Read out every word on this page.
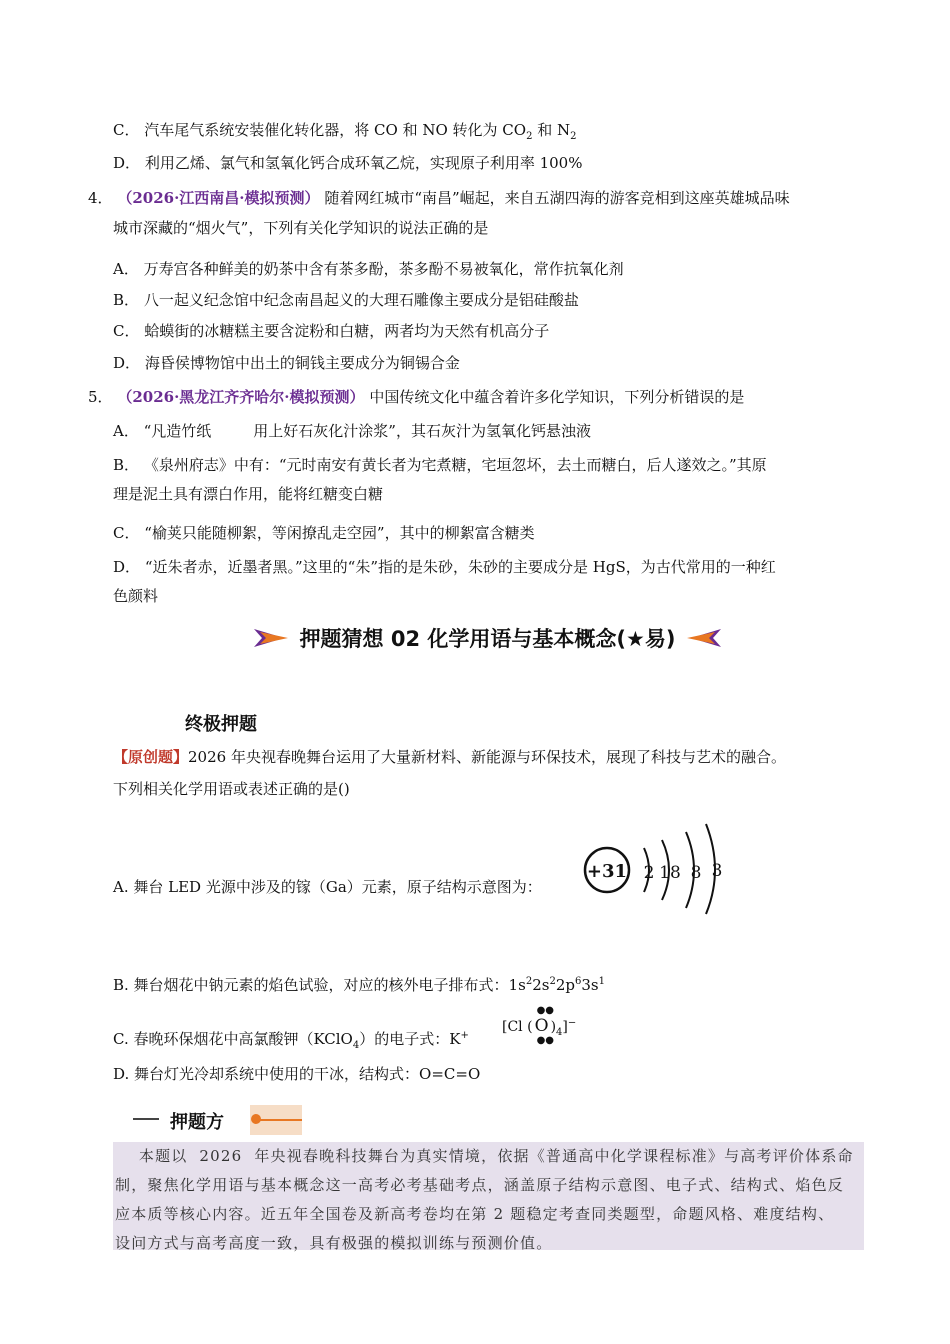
C． 汽车尾气系统安装催化转化器，将 CO 和 NO 转化为 $CO_2$ 和 $N_2$
D． 利用乙烯、氯气和氢氧化钙合成环氧乙烷，实现原子利用率 100%
4． （2026·江西南昌·模拟预测） 随着网红城市“南昌”崛起，来自五湖四海的游客竞相到这座英雄城品味
城市深藏的“烟火气”，下列有关化学知识的说法正确的是
A． 万寿宫各种鲜美的奶茶中含有茶多酚，茶多酚不易被氧化，常作抗氧化剂
B． 八一起义纪念馆中纪念南昌起义的大理石雕像主要成分是铝硅酸盐
C． 蛤蟆街的冰糖糕主要含淀粉和白糖，两者均为天然有机高分子
D． 海昏侯博物馆中出土的铜钱主要成分为铜锡合金
5． （2026·黑龙江齐齐哈尔·模拟预测） 中国传统文化中蕴含着许多化学知识，下列分析错误的是
A． “凡造竹纸	用上好石灰化汁涂浆”，其石灰汁为氢氧化钙悬浊液
B． 《泉州府志》中有：“元时南安有黄长者为宅煮糖，宅垣忽坏，去土而糖白，后人遂效之。”其原
理是泥土具有漂白作用，能将红糖变白糖
C． “榆荚只能随柳絮，等闲撩乱走空园”，其中的柳絮富含糖类
D． “近朱者赤，近墨者黑。”这里的“朱”指的是朱砂，朱砂的主要成分是 HgS，为古代常用的一种红
色颜料
押题猜想 02 化学用语与基本概念(★易)
终极押题
【原创题】2026 年央视春晚舞台运用了大量新材料、新能源与环保技术，展现了科技与艺术的融合。
下列相关化学用语或表述正确的是()
A. 舞台 LED 光源中涉及的镓（Ga）元素，原子结构示意图为：
+31 2 18 8 3
B. 舞台烟花中钠元素的焰色试验，对应的核外电子排布式：$1s^22s^22p^63s^1$
C. 春晚环保烟花中高氯酸钾（KClO$_4$）的电子式：K+
[Cl ( O
●●
●●
)$_4]^-$
D. 舞台灯光冷却系统中使用的干冰，结构式：O=C=O
押题方

本题以  2026  年央视春晚科技舞台为真实情境，依据《普通高中化学课程标准》与高考评价体系命

制，聚焦化学用语与基本概念这一高考必考基础考点，涵盖原子结构示意图、电子式、结构式、焰色反

应本质等核心内容。近五年全国卷及新高考卷均在第 2 题稳定考查同类题型，命题风格、难度结构、

设问方式与高考高度一致，具有极强的模拟训练与预测价值。
